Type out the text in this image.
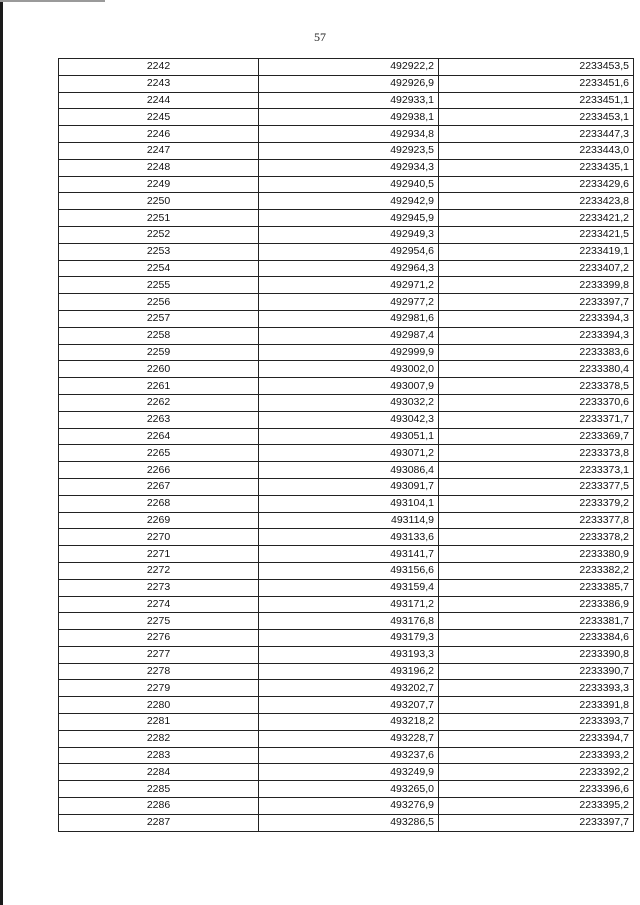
57
2242	492922,2	2233453,5
2243	492926,9	2233451,6
2244	492933,1	2233451,1
2245	492938,1	2233453,1
2246	492934,8	2233447,3
2247	492923,5	2233443,0
2248	492934,3	2233435,1
2249	492940,5	2233429,6
2250	492942,9	2233423,8
2251	492945,9	2233421,2
2252	492949,3	2233421,5
2253	492954,6	2233419,1
2254	492964,3	2233407,2
2255	492971,2	2233399,8
2256	492977,2	2233397,7
2257	492981,6	2233394,3
2258	492987,4	2233394,3
2259	492999,9	2233383,6
2260	493002,0	2233380,4
2261	493007,9	2233378,5
2262	493032,2	2233370,6
2263	493042,3	2233371,7
2264	493051,1	2233369,7
2265	493071,2	2233373,8
2266	493086,4	2233373,1
2267	493091,7	2233377,5
2268	493104,1	2233379,2
2269	493114,9	2233377,8
2270	493133,6	2233378,2
2271	493141,7	2233380,9
2272	493156,6	2233382,2
2273	493159,4	2233385,7
2274	493171,2	2233386,9
2275	493176,8	2233381,7
2276	493179,3	2233384,6
2277	493193,3	2233390,8
2278	493196,2	2233390,7
2279	493202,7	2233393,3
2280	493207,7	2233391,8
2281	493218,2	2233393,7
2282	493228,7	2233394,7
2283	493237,6	2233393,2
2284	493249,9	2233392,2
2285	493265,0	2233396,6
2286	493276,9	2233395,2
2287	493286,5	2233397,7
